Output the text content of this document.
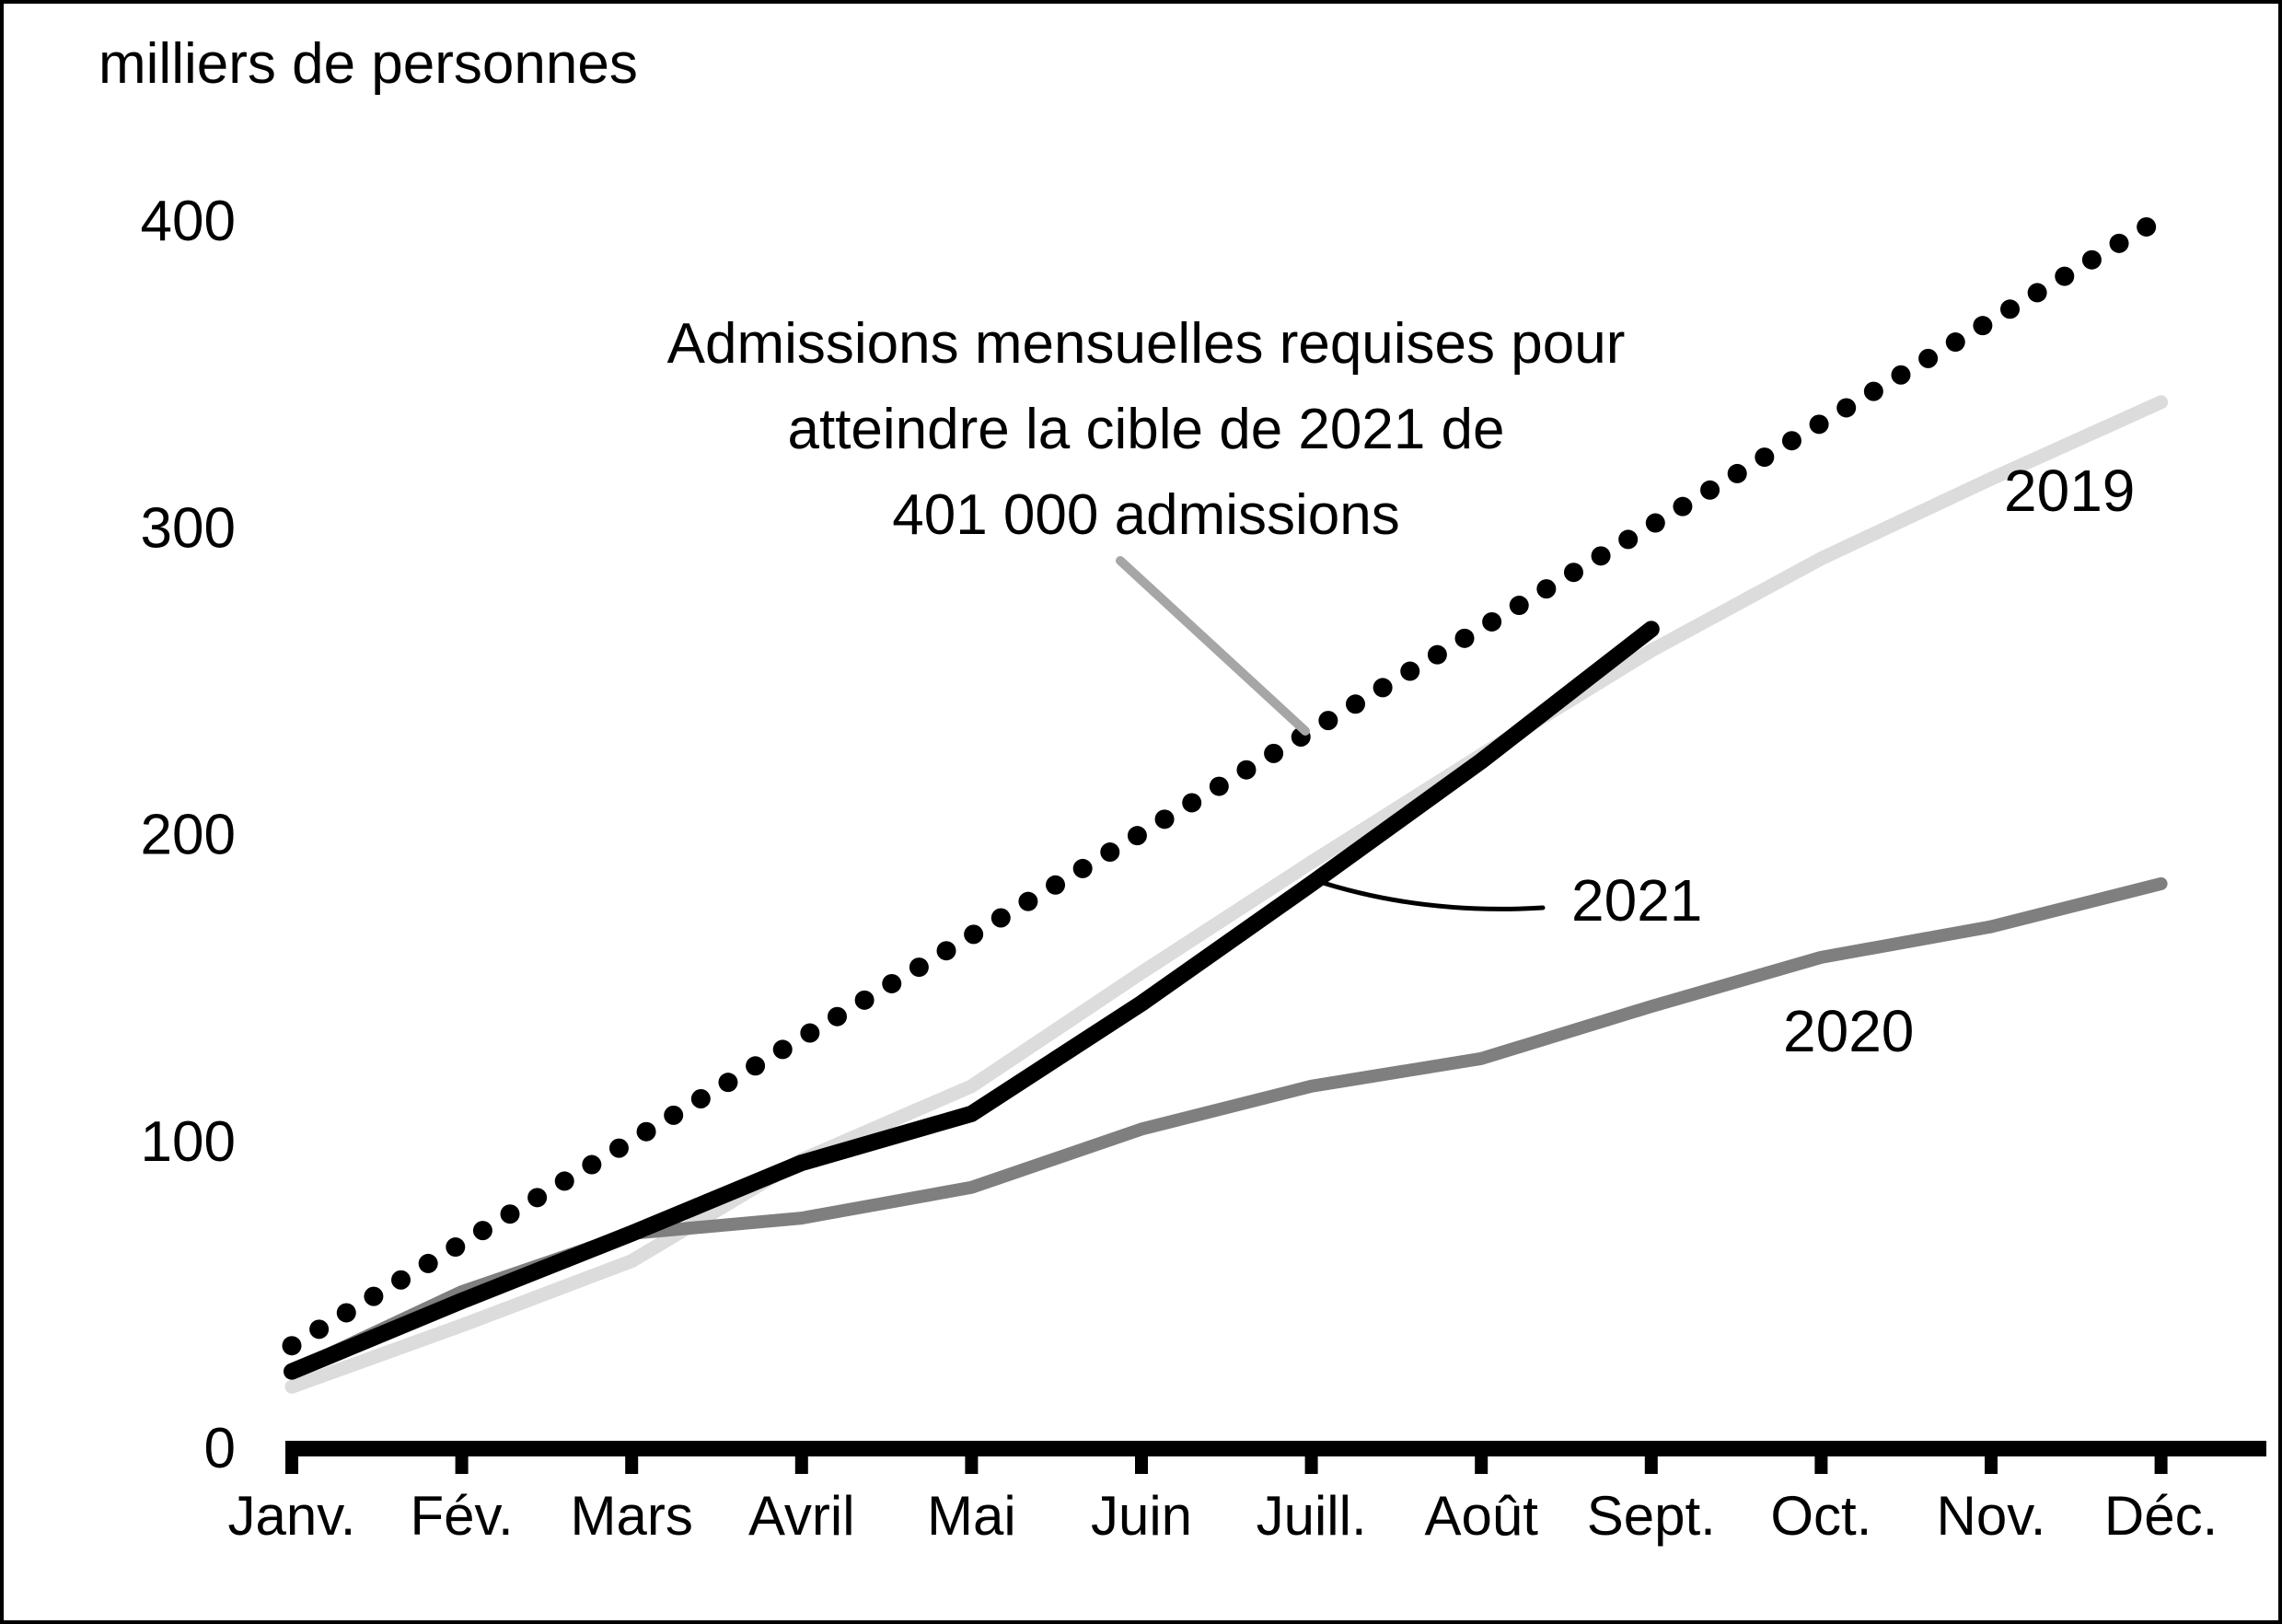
milliers de personnes
0
100
200
300
400
Admissions mensuelles requises pour
atteindre la cible de 2021 de
401 000 admissions	2019
2021
2020
Janv. Fév. Mars Avril Mai Juin Juill. Août Sept. Oct. Nov. Déc.
